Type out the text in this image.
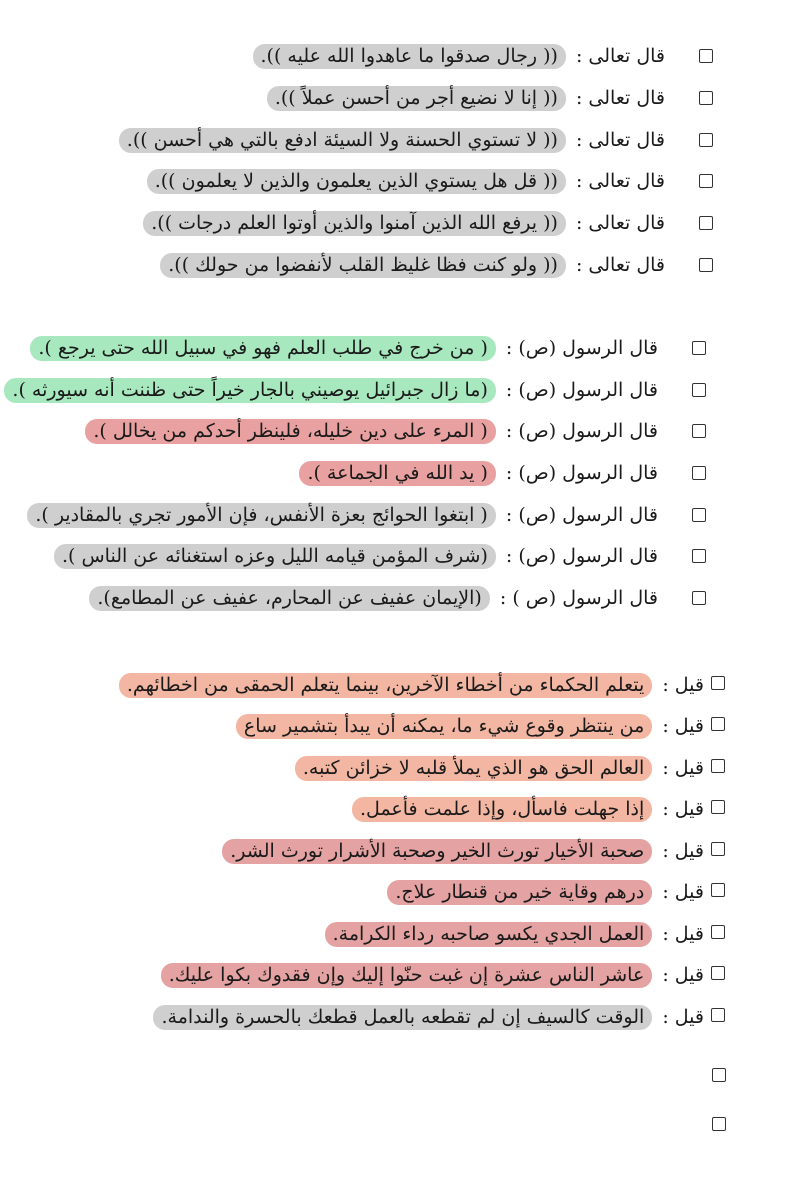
قال تعالى : (( رجال صدقوا ما عاهدوا الله عليه )).
قال تعالى : (( إنا لا نضيع أجر من أحسن عملاً )).
قال تعالى : (( لا تستوي الحسنة ولا السيئة ادفع بالتي هي أحسن )).
قال تعالى : (( قل هل يستوي الذين يعلمون والذين لا يعلمون )).
قال تعالى : (( يرفع الله الذين آمنوا والذين أوتوا العلم درجات )).
قال تعالى : (( ولو كنت فظا غليظ القلب لأنفضوا من حولك )).
قال الرسول (ص) : ( من خرج في طلب العلم فهو في سبيل الله حتى يرجع ).
قال الرسول (ص) : (ما زال جبرائيل يوصيني بالجار خيراً حتى ظننت أنه سيورثه ).
قال الرسول (ص) : ( المرء على دين خليله، فلينظر أحدكم من يخالل ).
قال الرسول (ص) : ( يد الله في الجماعة ).
قال الرسول (ص) : ( ابتغوا الحوائج بعزة الأنفس، فإن الأمور تجري بالمقادير ).
قال الرسول (ص) : (شرف المؤمن قيامه الليل وعزه استغنائه عن الناس ).
قال الرسول (ص ) : (الإيمان عفيف عن المحارم، عفيف عن المطامع).
قيل : يتعلم الحكماء من أخطاء الآخرين، بينما يتعلم الحمقى من اخطائهم.
قيل : من ينتظر وقوع شيء ما، يمكنه أن يبدأ بتشمير ساع
قيل : العالم الحق هو الذي يملأ قلبه لا خزائن كتبه.
قيل : إذا جهلت فاسأل، وإذا علمت فأعمل.
قيل : صحبة الأخيار تورث الخير وصحبة الأشرار تورث الشر.
قيل : درهم وقاية خير من قنطار علاج.
قيل : العمل الجدي يكسو صاحبه رداء الكرامة.
قيل : عاشر الناس عشرة إن غبت حنّوا إليك وإن فقدوك بكوا عليك.
قيل : الوقت كالسيف إن لم تقطعه بالعمل قطعك بالحسرة والندامة.
